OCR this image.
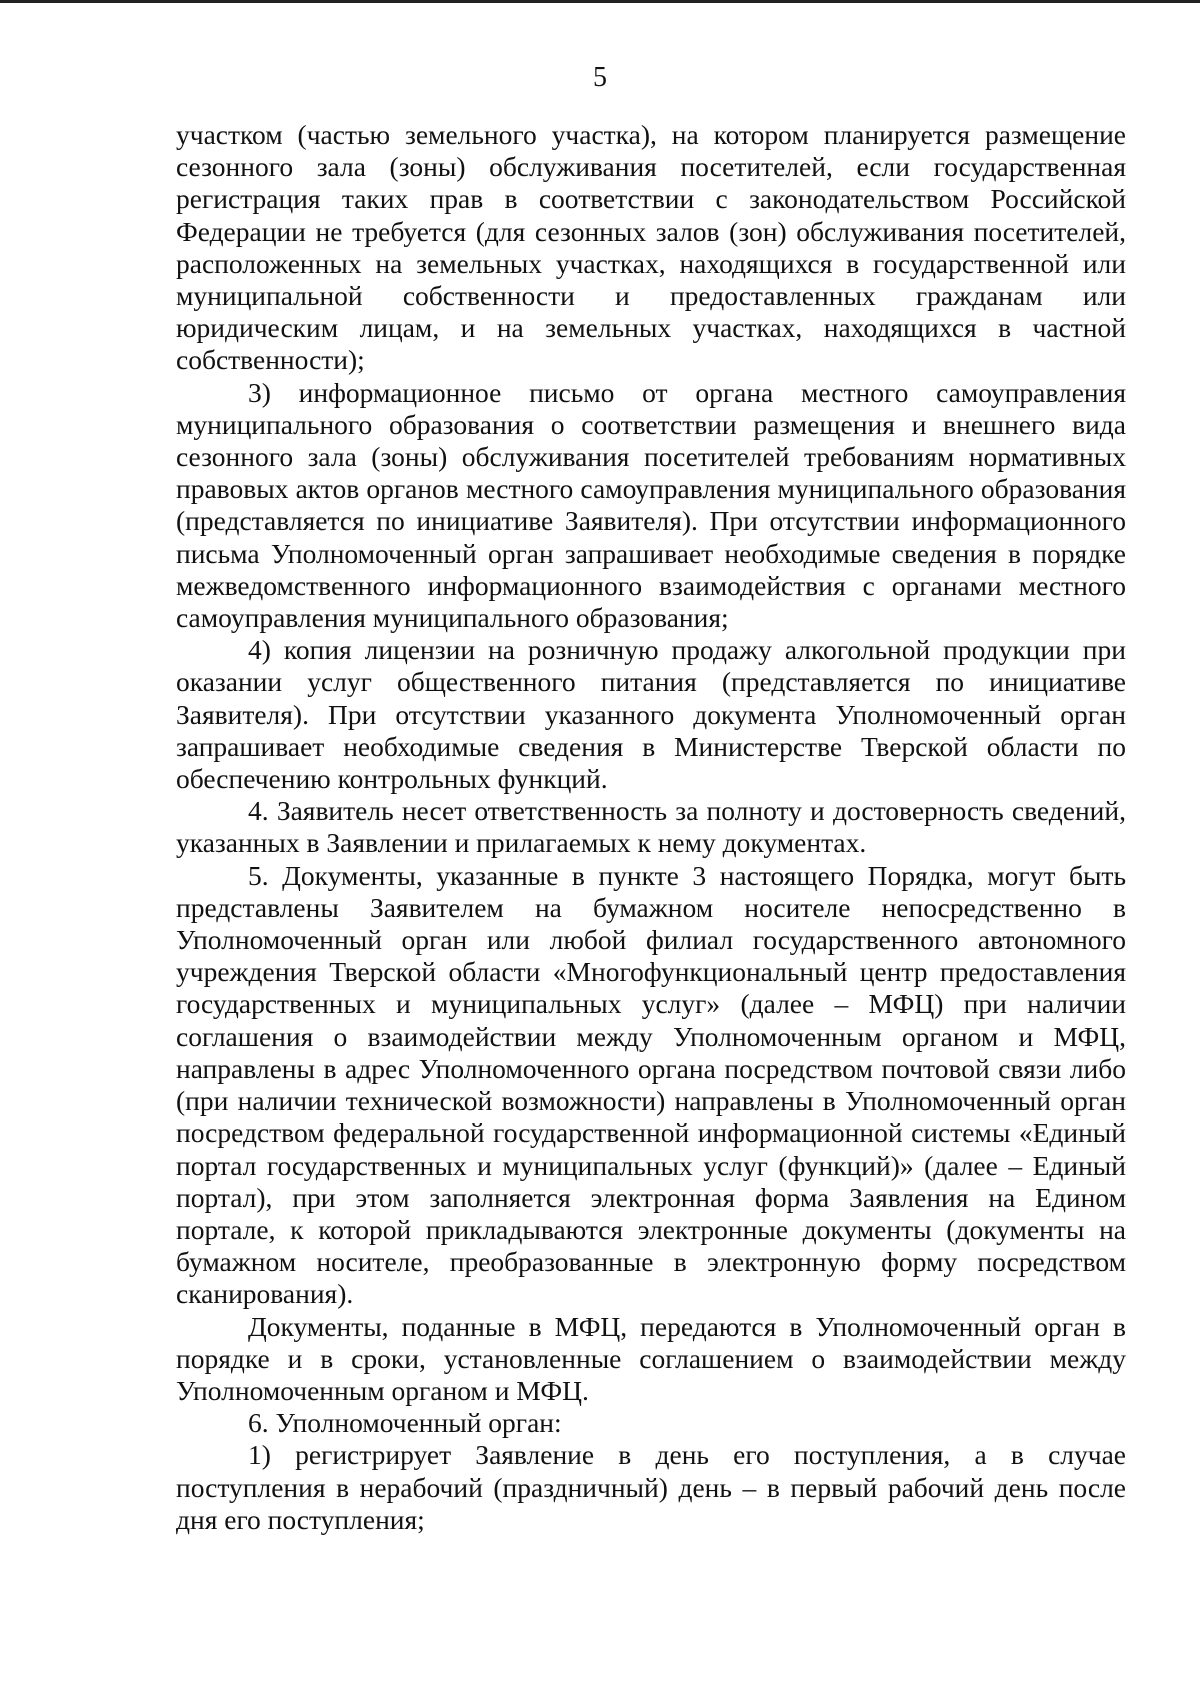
5

участком (частью земельного участка), на котором планируется размещение сезонного зала (зоны) обслуживания посетителей, если государственная регистрация таких прав в соответствии с законодательством Российской Федерации не требуется (для сезонных залов (зон) обслуживания посетителей, расположенных на земельных участках, находящихся в государственной или муниципальной собственности и предоставленных гражданам или юридическим лицам, и на земельных участках, находящихся в частной собственности);

3) информационное письмо от органа местного самоуправления муниципального образования о соответствии размещения и внешнего вида сезонного зала (зоны) обслуживания посетителей требованиям нормативных правовых актов органов местного самоуправления муниципального образования (представляется по инициативе Заявителя). При отсутствии информационного письма Уполномоченный орган запрашивает необходимые сведения в порядке межведомственного информационного взаимодействия с органами местного самоуправления муниципального образования;

4) копия лицензии на розничную продажу алкогольной продукции при оказании услуг общественного питания (представляется по инициативе Заявителя). При отсутствии указанного документа Уполномоченный орган запрашивает необходимые сведения в Министерстве Тверской области по обеспечению контрольных функций.

4. Заявитель несет ответственность за полноту и достоверность сведений, указанных в Заявлении и прилагаемых к нему документах.

5. Документы, указанные в пункте 3 настоящего Порядка, могут быть представлены Заявителем на бумажном носителе непосредственно в Уполномоченный орган или любой филиал государственного автономного учреждения Тверской области «Многофункциональный центр предоставления государственных и муниципальных услуг» (далее – МФЦ) при наличии соглашения о взаимодействии между Уполномоченным органом и МФЦ, направлены в адрес Уполномоченного органа посредством почтовой связи либо (при наличии технической возможности) направлены в Уполномоченный орган посредством федеральной государственной информационной системы «Единый портал государственных и муниципальных услуг (функций)» (далее – Единый портал), при этом заполняется электронная форма Заявления на Едином портале, к которой прикладываются электронные документы (документы на бумажном носителе, преобразованные в электронную форму посредством сканирования).

Документы, поданные в МФЦ, передаются в Уполномоченный орган в порядке и в сроки, установленные соглашением о взаимодействии между Уполномоченным органом и МФЦ.

6. Уполномоченный орган:

1) регистрирует Заявление в день его поступления, а в случае поступления в нерабочий (праздничный) день – в первый рабочий день после дня его поступления;
